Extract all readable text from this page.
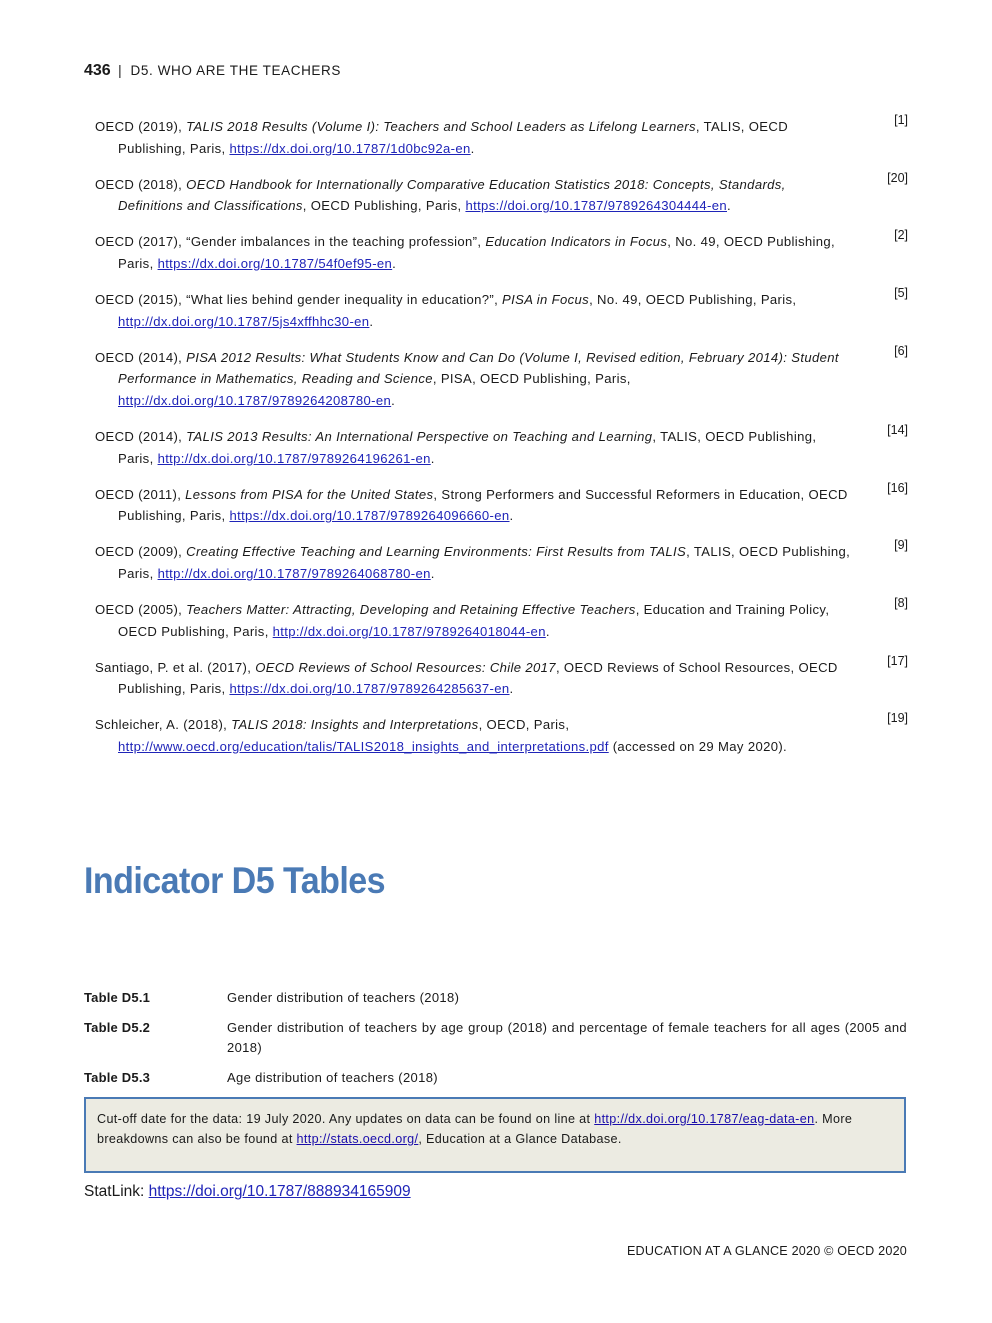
436 | D5. WHO ARE THE TEACHERS
OECD (2019), TALIS 2018 Results (Volume I): Teachers and School Leaders as Lifelong Learners, TALIS, OECD Publishing, Paris, https://dx.doi.org/10.1787/1d0bc92a-en.
[1]
OECD (2018), OECD Handbook for Internationally Comparative Education Statistics 2018: Concepts, Standards, Definitions and Classifications, OECD Publishing, Paris, https://doi.org/10.1787/9789264304444-en.
[20]
OECD (2017), “Gender imbalances in the teaching profession”, Education Indicators in Focus, No. 49, OECD Publishing, Paris, https://dx.doi.org/10.1787/54f0ef95-en.
[2]
OECD (2015), “What lies behind gender inequality in education?”, PISA in Focus, No. 49, OECD Publishing, Paris, http://dx.doi.org/10.1787/5js4xffhhc30-en.
[5]
OECD (2014), PISA 2012 Results: What Students Know and Can Do (Volume I, Revised edition, February 2014): Student Performance in Mathematics, Reading and Science, PISA, OECD Publishing, Paris, http://dx.doi.org/10.1787/9789264208780-en.
[6]
OECD (2014), TALIS 2013 Results: An International Perspective on Teaching and Learning, TALIS, OECD Publishing, Paris, http://dx.doi.org/10.1787/9789264196261-en.
[14]
OECD (2011), Lessons from PISA for the United States, Strong Performers and Successful Reformers in Education, OECD Publishing, Paris, https://dx.doi.org/10.1787/9789264096660-en.
[16]
OECD (2009), Creating Effective Teaching and Learning Environments: First Results from TALIS, TALIS, OECD Publishing, Paris, http://dx.doi.org/10.1787/9789264068780-en.
[9]
OECD (2005), Teachers Matter: Attracting, Developing and Retaining Effective Teachers, Education and Training Policy, OECD Publishing, Paris, http://dx.doi.org/10.1787/9789264018044-en.
[8]
Santiago, P. et al. (2017), OECD Reviews of School Resources: Chile 2017, OECD Reviews of School Resources, OECD Publishing, Paris, https://dx.doi.org/10.1787/9789264285637-en.
[17]
Schleicher, A. (2018), TALIS 2018: Insights and Interpretations, OECD, Paris, http://www.oecd.org/education/talis/TALIS2018_insights_and_interpretations.pdf (accessed on 29 May 2020).
[19]
Indicator D5 Tables
Table D5.1	Gender distribution of teachers (2018)
Table D5.2	Gender distribution of teachers by age group (2018) and percentage of female teachers for all ages (2005 and 2018)
Table D5.3	Age distribution of teachers (2018)
Cut-off date for the data: 19 July 2020. Any updates on data can be found on line at http://dx.doi.org/10.1787/eag-data-en. More breakdowns can also be found at http://stats.oecd.org/, Education at a Glance Database.
StatLink: https://doi.org/10.1787/888934165909
EDUCATION AT A GLANCE 2020 © OECD 2020
